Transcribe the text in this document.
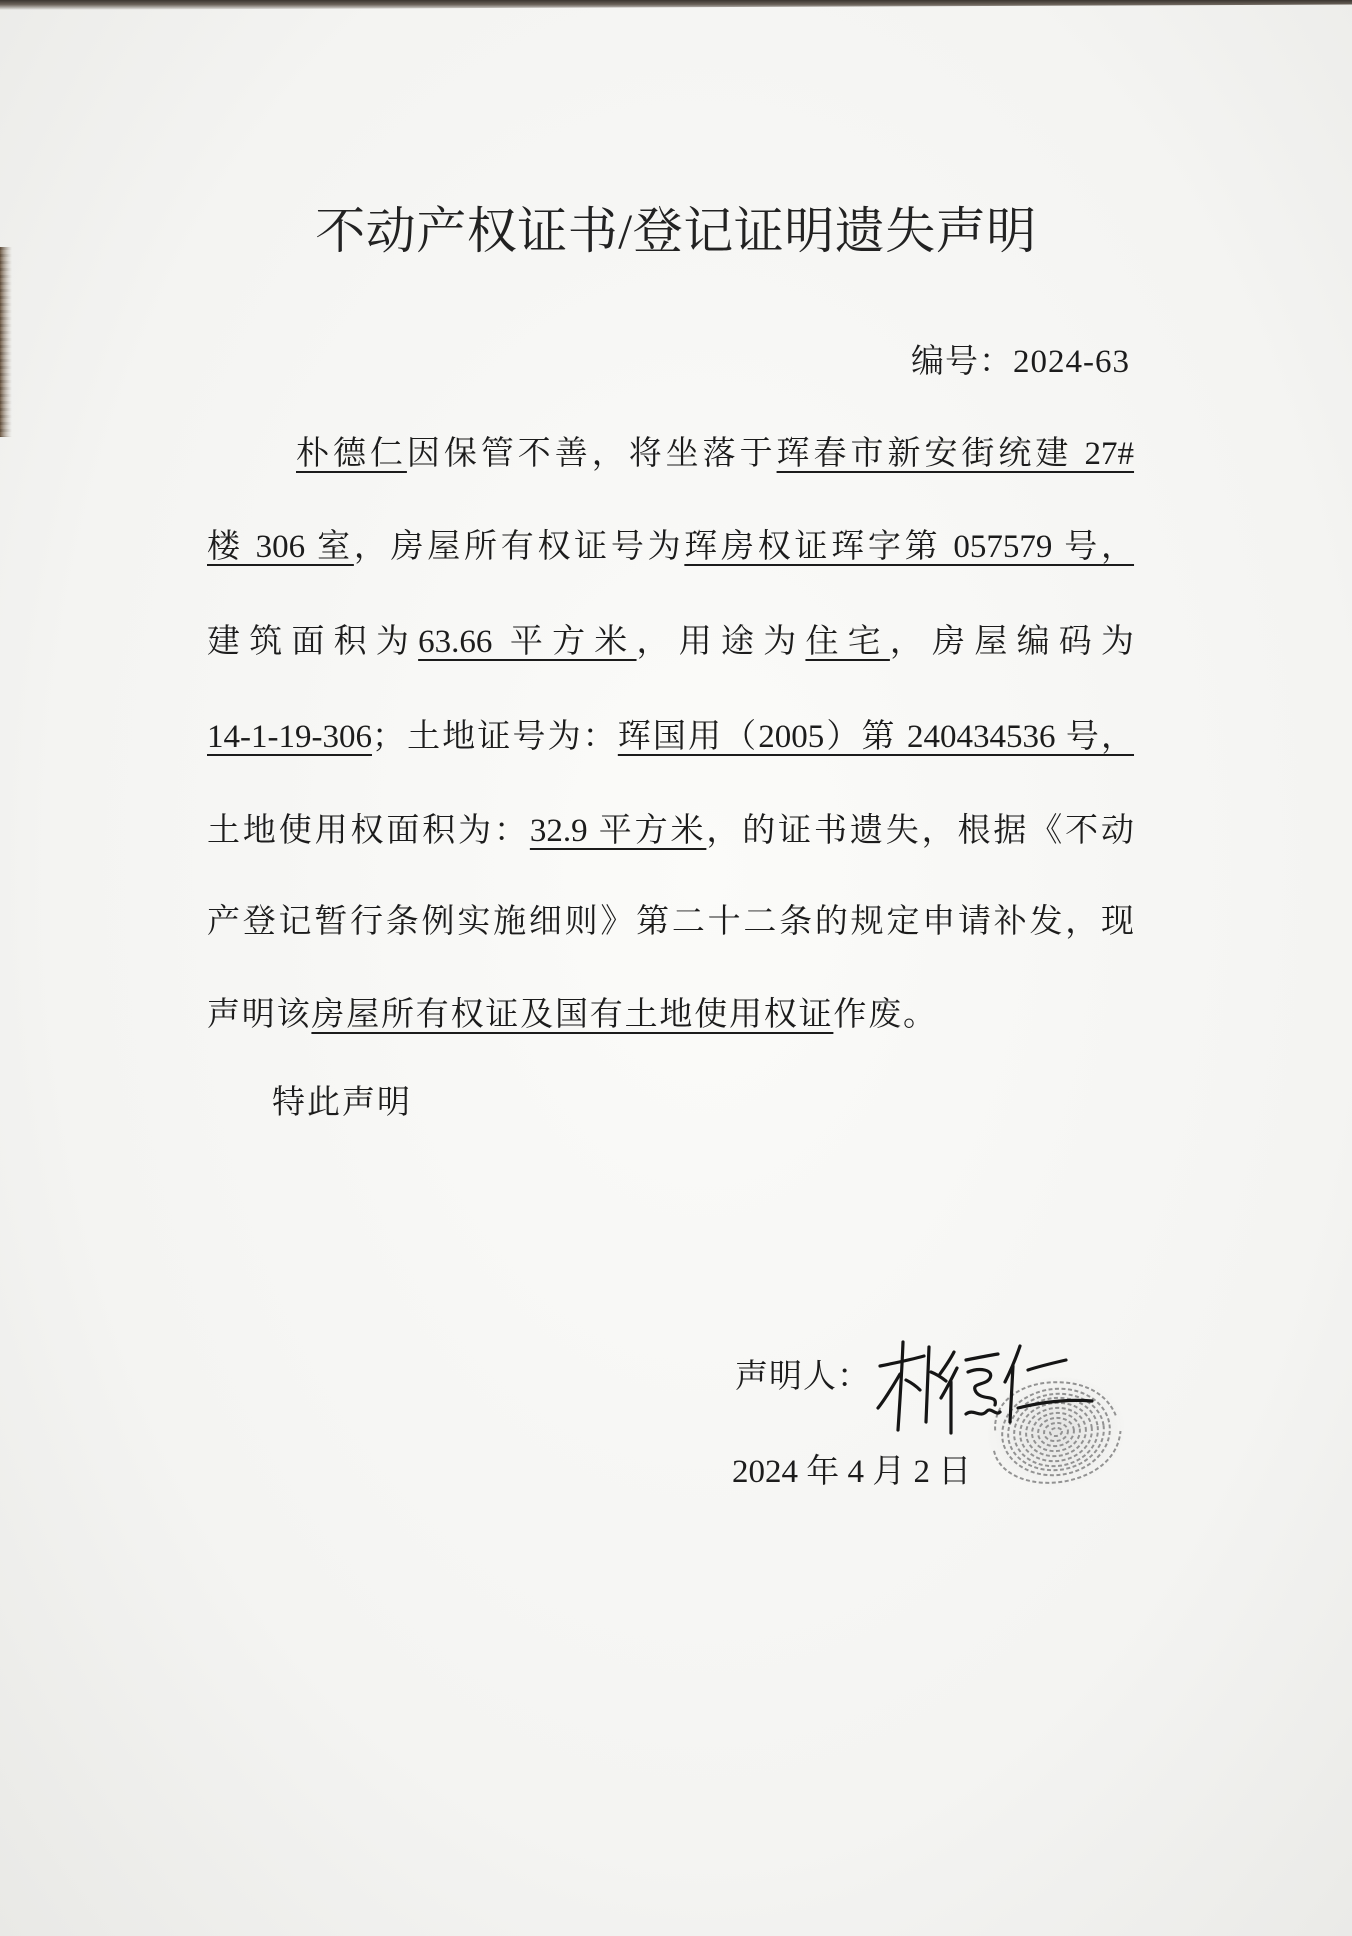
不动产权证书/登记证明遗失声明
编号：2024-63
朴德仁因保管不善，将坐落于珲春市新安街统建 27#
楼 306 室，房屋所有权证号为珲房权证珲字第 057579 号，
建筑面积为63.66 平方米，用途为住宅，房屋编码为
14-1-19-306；土地证号为：珲国用（2005）第 240434536 号，
土地使用权面积为：32.9 平方米，的证书遗失，根据《不动
产登记暂行条例实施细则》第二十二条的规定申请补发，现
声明该房屋所有权证及国有土地使用权证作废。
特此声明
声明人：
2024 年 4 月 2 日
